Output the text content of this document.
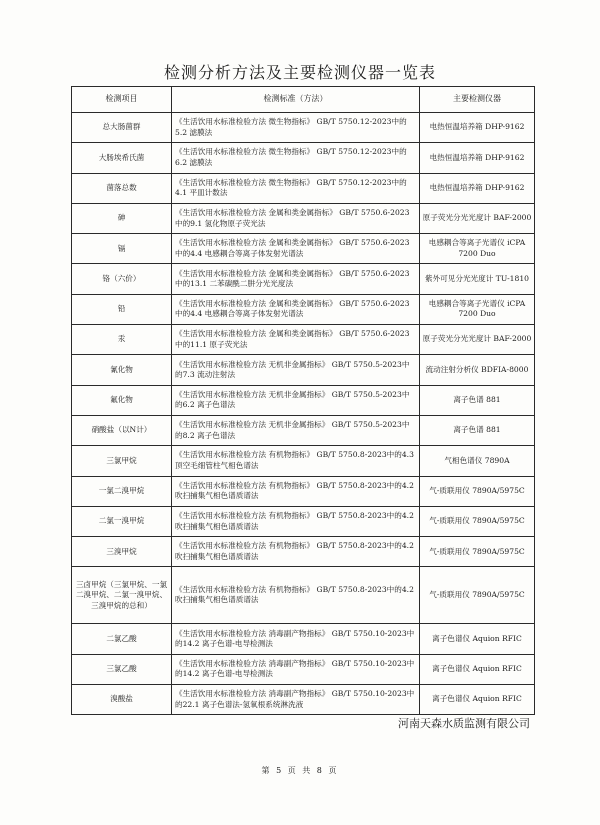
检测分析方法及主要检测仪器一览表
检测项目	检测标准（方法）	主要检测仪器
总大肠菌群	《生活饮用水标准检验方法 微生物指标》 GB/T 5750.12-2023中的5.2 滤膜法	电热恒温培养箱 DHP-9162
大肠埃希氏菌	《生活饮用水标准检验方法 微生物指标》 GB/T 5750.12-2023中的6.2 滤膜法	电热恒温培养箱 DHP-9162
菌落总数	《生活饮用水标准检验方法 微生物指标》 GB/T 5750.12-2023中的4.1 平皿计数法	电热恒温培养箱 DHP-9162
砷	《生活饮用水标准检验方法 金属和类金属指标》 GB/T 5750.6-2023中的9.1 氢化物原子荧光法	原子荧光分光光度计 BAF-2000
镉	《生活饮用水标准检验方法 金属和类金属指标》 GB/T 5750.6-2023中的4.4 电感耦合等离子体发射光谱法	电感耦合等离子光谱仪 iCPA 7200 Duo
铬（六价）	《生活饮用水标准检验方法 金属和类金属指标》 GB/T 5750.6-2023中的13.1 二苯碳酰二肼分光光度法	紫外可见分光光度计 TU-1810
铅	《生活饮用水标准检验方法 金属和类金属指标》 GB/T 5750.6-2023中的4.4 电感耦合等离子体发射光谱法	电感耦合等离子光谱仪 iCPA 7200 Duo
汞	《生活饮用水标准检验方法 金属和类金属指标》 GB/T 5750.6-2023中的11.1 原子荧光法	原子荧光分光光度计 BAF-2000
氰化物	《生活饮用水标准检验方法 无机非金属指标》 GB/T 5750.5-2023中的7.3 流动注射法	流动注射分析仪 BDFIA-8000
氟化物	《生活饮用水标准检验方法 无机非金属指标》 GB/T 5750.5-2023中的6.2 离子色谱法	离子色谱 881
硝酸盐（以N计）	《生活饮用水标准检验方法 无机非金属指标》 GB/T 5750.5-2023中的8.2 离子色谱法	离子色谱 881
三氯甲烷	《生活饮用水标准检验方法 有机物指标》 GB/T 5750.8-2023中的4.3 顶空毛细管柱气相色谱法	气相色谱仪 7890A
一氯二溴甲烷	《生活饮用水标准检验方法 有机物指标》 GB/T 5750.8-2023中的4.2 吹扫捕集气相色谱质谱法	气-质联用仪 7890A/5975C
二氯一溴甲烷	《生活饮用水标准检验方法 有机物指标》 GB/T 5750.8-2023中的4.2 吹扫捕集气相色谱质谱法	气-质联用仪 7890A/5975C
三溴甲烷	《生活饮用水标准检验方法 有机物指标》 GB/T 5750.8-2023中的4.2 吹扫捕集气相色谱质谱法	气-质联用仪 7890A/5975C
三卤甲烷（三氯甲烷、一氯二溴甲烷、二氯一溴甲烷、三溴甲烷的总和）	《生活饮用水标准检验方法 有机物指标》 GB/T 5750.8-2023中的4.2 吹扫捕集气相色谱质谱法	气-质联用仪 7890A/5975C
二氯乙酸	《生活饮用水标准检验方法 消毒副产物指标》 GB/T 5750.10-2023中的14.2 离子色谱-电导检测法	离子色谱仪 Aquion RFIC
三氯乙酸	《生活饮用水标准检验方法 消毒副产物指标》 GB/T 5750.10-2023中的14.2 离子色谱-电导检测法	离子色谱仪 Aquion RFIC
溴酸盐	《生活饮用水标准检验方法 消毒副产物指标》 GB/T 5750.10-2023中的22.1 离子色谱法-氢氧根系统淋洗液	离子色谱仪 Aquion RFIC
河南天森水质监测有限公司
第 5 页 共 8 页
